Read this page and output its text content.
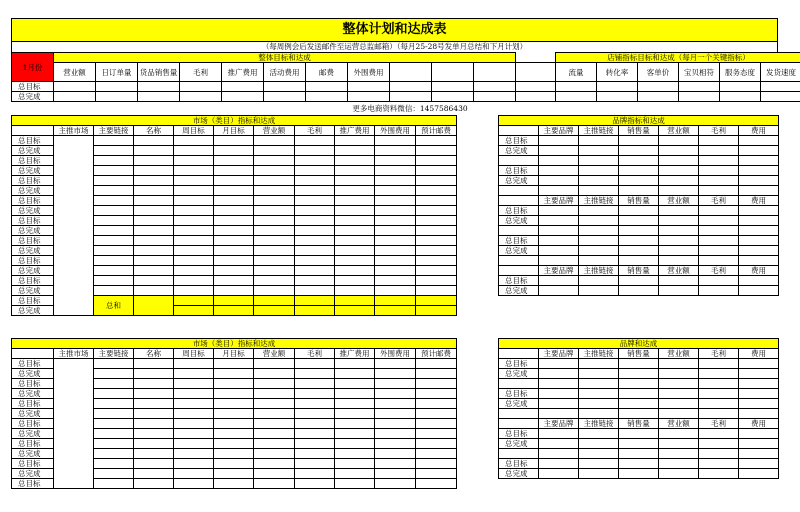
整体计划和达成表
（每周例会后发送邮件至运营总监邮箱）（每月25-28号发单月总结和下月计划）
1月份	整体目标和达成												店铺指标目标和达成（每月一个关键指标）					
	营业额	日订单量	货品销售量	毛利	推广费用	活动费用	邮费	外围费用					流量	转化率	客单价	宝贝相符	服务态度	发货速度
总目标																		
总完成																		
更多电商资料微信：1457586430
市场（类目）指标和达成										
	主推市场	主要链接	名称	周目标	月目标	营业额	毛利	推广费用	外围费用	预计邮费
总目标										
总完成										
总目标										
总完成										
总目标										
总完成										
总目标										
总完成										
总目标										
总完成										
总目标										
总完成										
总目标										
总完成										
总目标										
总完成										
总目标		总和								
总完成										
品牌指标和达成						
	主要品牌	主推链接	销售量	营业额	毛利	费用
总目标						
总完成						

总目标						
总完成						

	主要品牌	主推链接	销售量	营业额	毛利	费用
总目标						
总完成						

总目标						
总完成						

	主要品牌	主推链接	销售量	营业额	毛利	费用
总目标						
总完成						
市场（类目）指标和达成										
	主推市场	主要链接	名称	周目标	月目标	营业额	毛利	推广费用	外围费用	预计邮费
总目标										
总完成										
总目标										
总完成										
总目标										
总完成										
总目标										
总完成										
总目标										
总完成										
总目标										
总完成										
总目标										
品牌和达成						
	主要品牌	主推链接	销售量	营业额	毛利	费用
总目标						
总完成						

总目标						
总完成						

	主要品牌	主推链接	销售量	营业额	毛利	费用
总目标						
总完成						

总目标						
总完成						
